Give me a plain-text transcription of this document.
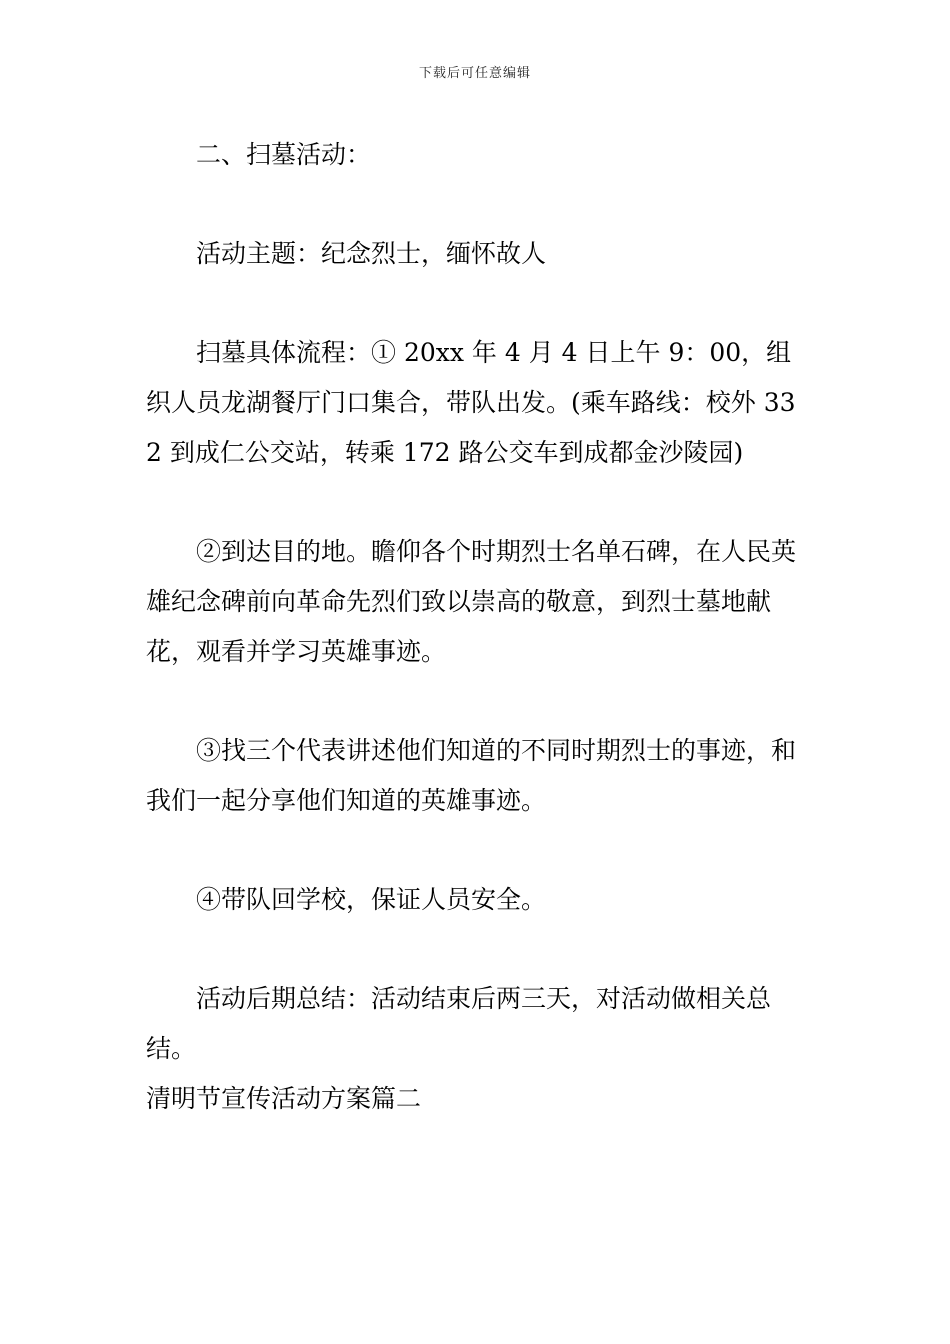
下载后可任意编辑

二、扫墓活动：

活动主题：纪念烈士，缅怀故人

扫墓具体流程：① 20xx 年 4 月 4 日上午 9：00，组织人员龙湖餐厅门口集合，带队出发。(乘车路线：校外 332 到成仁公交站，转乘 172 路公交车到成都金沙陵园)

②到达目的地。瞻仰各个时期烈士名单石碑，在人民英雄纪念碑前向革命先烈们致以崇高的敬意，到烈士墓地献花，观看并学习英雄事迹。

③找三个代表讲述他们知道的不同时期烈士的事迹，和我们一起分享他们知道的英雄事迹。

④带队回学校，保证人员安全。

活动后期总结：活动结束后两三天，对活动做相关总结。

清明节宣传活动方案篇二
